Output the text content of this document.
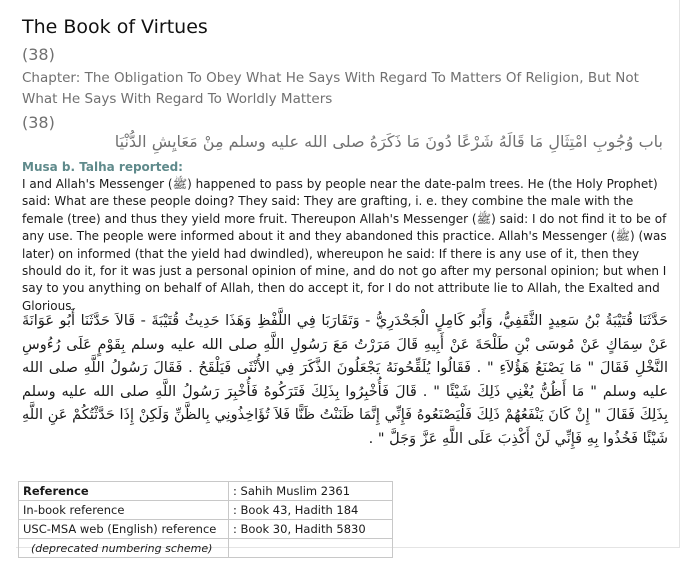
The Book of Virtues
(38)
Chapter: The Obligation To Obey What He Says With Regard To Matters Of Religion, But Not What He Says With Regard To Worldly Matters
(38)
باب وُجُوبِ امْتِثَالِ مَا قَالَهُ شَرْعًا دُونَ مَا ذَكَرَهُ صلى الله عليه وسلم مِنْ مَعَايِشِ الدُّنْيَا
Musa b. Talha reported:
I and Allah's Messenger (ﷺ) happened to pass by people near the date-palm trees. He (the Holy Prophet) said: What are these people doing? They said: They are grafting, i. e. they combine the male with the female (tree) and thus they yield more fruit. Thereupon Allah's Messenger (ﷺ) said: I do not find it to be of any use. The people were informed about it and they abandoned this practice. Allah's Messenger (ﷺ) (was later) on informed (that the yield had dwindled), whereupon he said: If there is any use of it, then they should do it, for it was just a personal opinion of mine, and do not go after my personal opinion; but when I say to you anything on behalf of Allah, then do accept it, for I do not attribute lie to Allah, the Exalted and Glorious.
حَدَّثَنَا قُتَيْبَةُ بْنُ سَعِيدٍ الثَّقَفِيُّ، وَأَبُو كَامِلٍ الْجَحْدَرِيُّ - وَتَقَارَبَا فِي اللَّفْظِ وَهَذَا حَدِيثُ قُتَيْبَةَ - قَالاَ حَدَّثَنَا أَبُو عَوَانَةَ عَنْ سِمَاكٍ عَنْ مُوسَى بْنِ طَلْحَةَ عَنْ أَبِيهِ قَالَ مَرَرْتُ مَعَ رَسُولِ اللَّهِ صلى الله عليه وسلم بِقَوْمٍ عَلَى رُءُوسِ النَّخْلِ فَقَالَ " مَا يَصْنَعُ هَؤُلاَءِ " . فَقَالُوا يُلَقِّحُونَهُ يَجْعَلُونَ الذَّكَرَ فِي الأُنْثَى فَيَلْقَحُ . فَقَالَ رَسُولُ اللَّهِ صلى الله عليه وسلم " مَا أَظُنُّ يُغْنِي ذَلِكَ شَيْئًا " . قَالَ فَأُخْبِرُوا بِذَلِكَ فَتَرَكُوهُ فَأُخْبِرَ رَسُولُ اللَّهِ صلى الله عليه وسلم بِذَلِكَ فَقَالَ " إِنْ كَانَ يَنْفَعُهُمْ ذَلِكَ فَلْيَصْنَعُوهُ فَإِنِّي إِنَّمَا ظَنَنْتُ ظَنًّا فَلاَ تُؤَاخِذُونِي بِالظَّنِّ وَلَكِنْ إِذَا حَدَّثْتُكُمْ عَنِ اللَّهِ شَيْئًا فَخُذُوا بِهِ فَإِنِّي لَنْ أَكْذِبَ عَلَى اللَّهِ عَزَّ وَجَلَّ " .
Reference	: Sahih Muslim 2361
In-book reference	: Book 43, Hadith 184
USC-MSA web (English) reference	: Book 30, Hadith 5830
(deprecated numbering scheme)	
